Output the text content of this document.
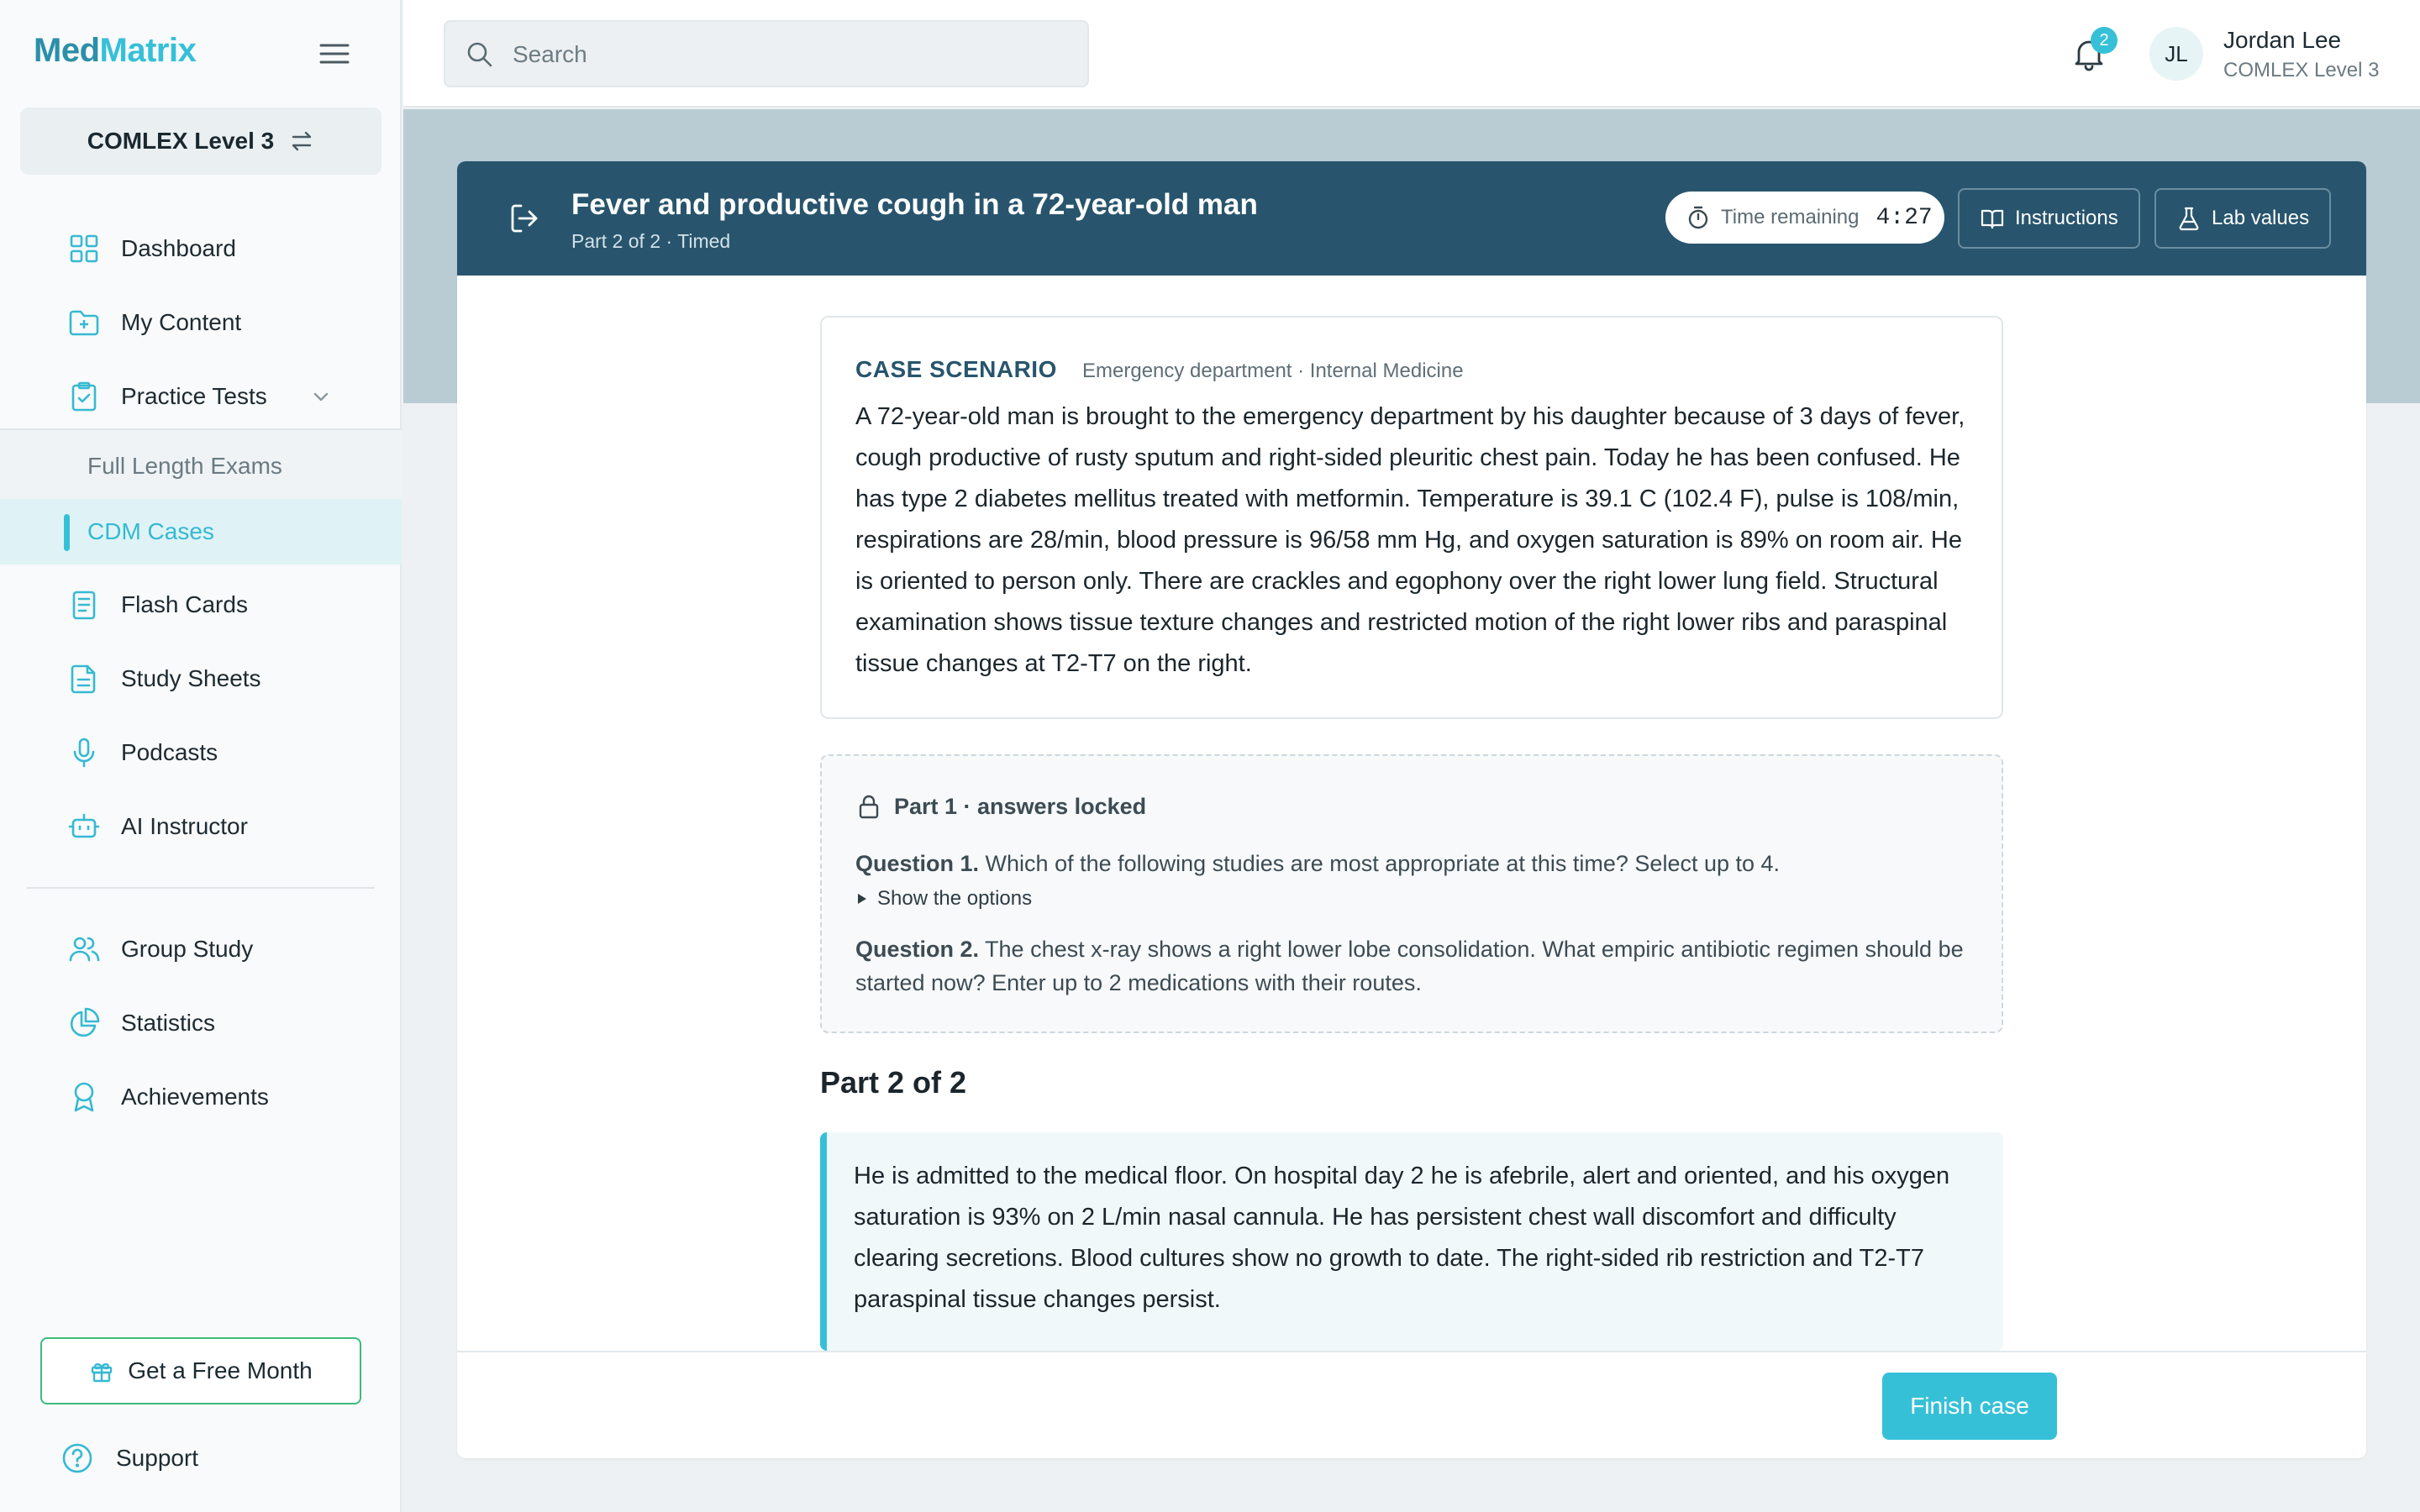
MedMatrix
COMLEX Level 3
Dashboard
My Content
Practice Tests
Full Length Exams
CDM Cases
Flash Cards
Study Sheets
Podcasts
AI Instructor
Group Study
Statistics
Achievements
Get a Free Month
Support
Search
2
JL
Jordan Lee
COMLEX Level 3
Fever and productive cough in a 72-year-old man
Part 2 of 2 · Timed
Time remaining 4:27	Instructions	Lab values
CASE SCENARIO Emergency department · Internal Medicine

A 72-year-old man is brought to the emergency department by his daughter because of 3 days of fever, cough productive of rusty sputum and right-sided pleuritic chest pain. Today he has been confused. He has type 2 diabetes mellitus treated with metformin. Temperature is 39.1 C (102.4 F), pulse is 108/min, respirations are 28/min, blood pressure is 96/58 mm Hg, and oxygen saturation is 89% on room air. He is oriented to person only. There are crackles and egophony over the right lower lung field. Structural examination shows tissue texture changes and restricted motion of the right lower ribs and paraspinal tissue changes at T2-T7 on the right.

Part 1 · answers locked

Question 1. Which of the following studies are most appropriate at this time? Select up to 4.

Show the options

Question 2. The chest x-ray shows a right lower lobe consolidation. What empiric antibiotic regimen should be started now? Enter up to 2 medications with their routes.

Part 2 of 2

He is admitted to the medical floor. On hospital day 2 he is afebrile, alert and oriented, and his oxygen saturation is 93% on 2 L/min nasal cannula. He has persistent chest wall discomfort and difficulty clearing secretions. Blood cultures show no growth to date. The right-sided rib restriction and T2-T7 paraspinal tissue changes persist.

Finish case
